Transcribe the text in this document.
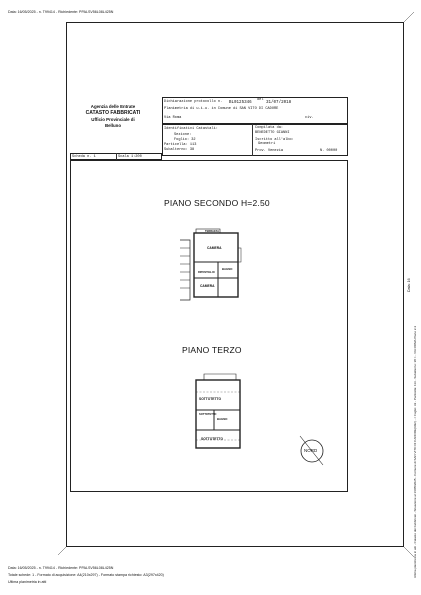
Data: 16/05/2025 - n. T99414 - Richiedente: PPALSV56L08L425N
Data: 16
Ultima planimetria in atti - Catasto dei Fabbricati - Situazione al 16/05/2025 - Comune di SAN VITO DI CADORE(I392) - < Foglio: 32 - Particella: 113 - Subalterno: 38 > - VIA ROMA Piano 2-3
Agenzia delle Entrate
CATASTO FABBRICATI
Ufficio Provinciale di
Belluno
Dichiarazione protocollo n. BL0125346
del
31/07/2018
Planimetria di u.i.u. in Comune di SAN VITO DI CADORE
Via Roma	civ.
Identificativi Catastali:
Sezione:
Foglio: 32
Particella: 113
Subalterno: 38
Compilata da:
BENEDETTO GIANNI
Iscritto all'albo:
Geometri
Prov. Venezia	N. 00000
Scheda n. 1	Scala 1:200
PIANO SECONDO H=2.50
TERRAZZA
CAMERA
RIPOSTIGLIO
BAGNO
CAMERA
PIANO TERZO
SOTTOTETTO
SOTTOTETTO
BAGNO
SOTTOTETTO
NORD
Data: 16/05/2025 - n. T99414 - Richiedente: PPALSV56L08L425N
Totale schede: 1 - Formato di acquisizione: A4(210x297) - Formato stampa richiesto: A3(297x420)
Ultima planimetria in atti
